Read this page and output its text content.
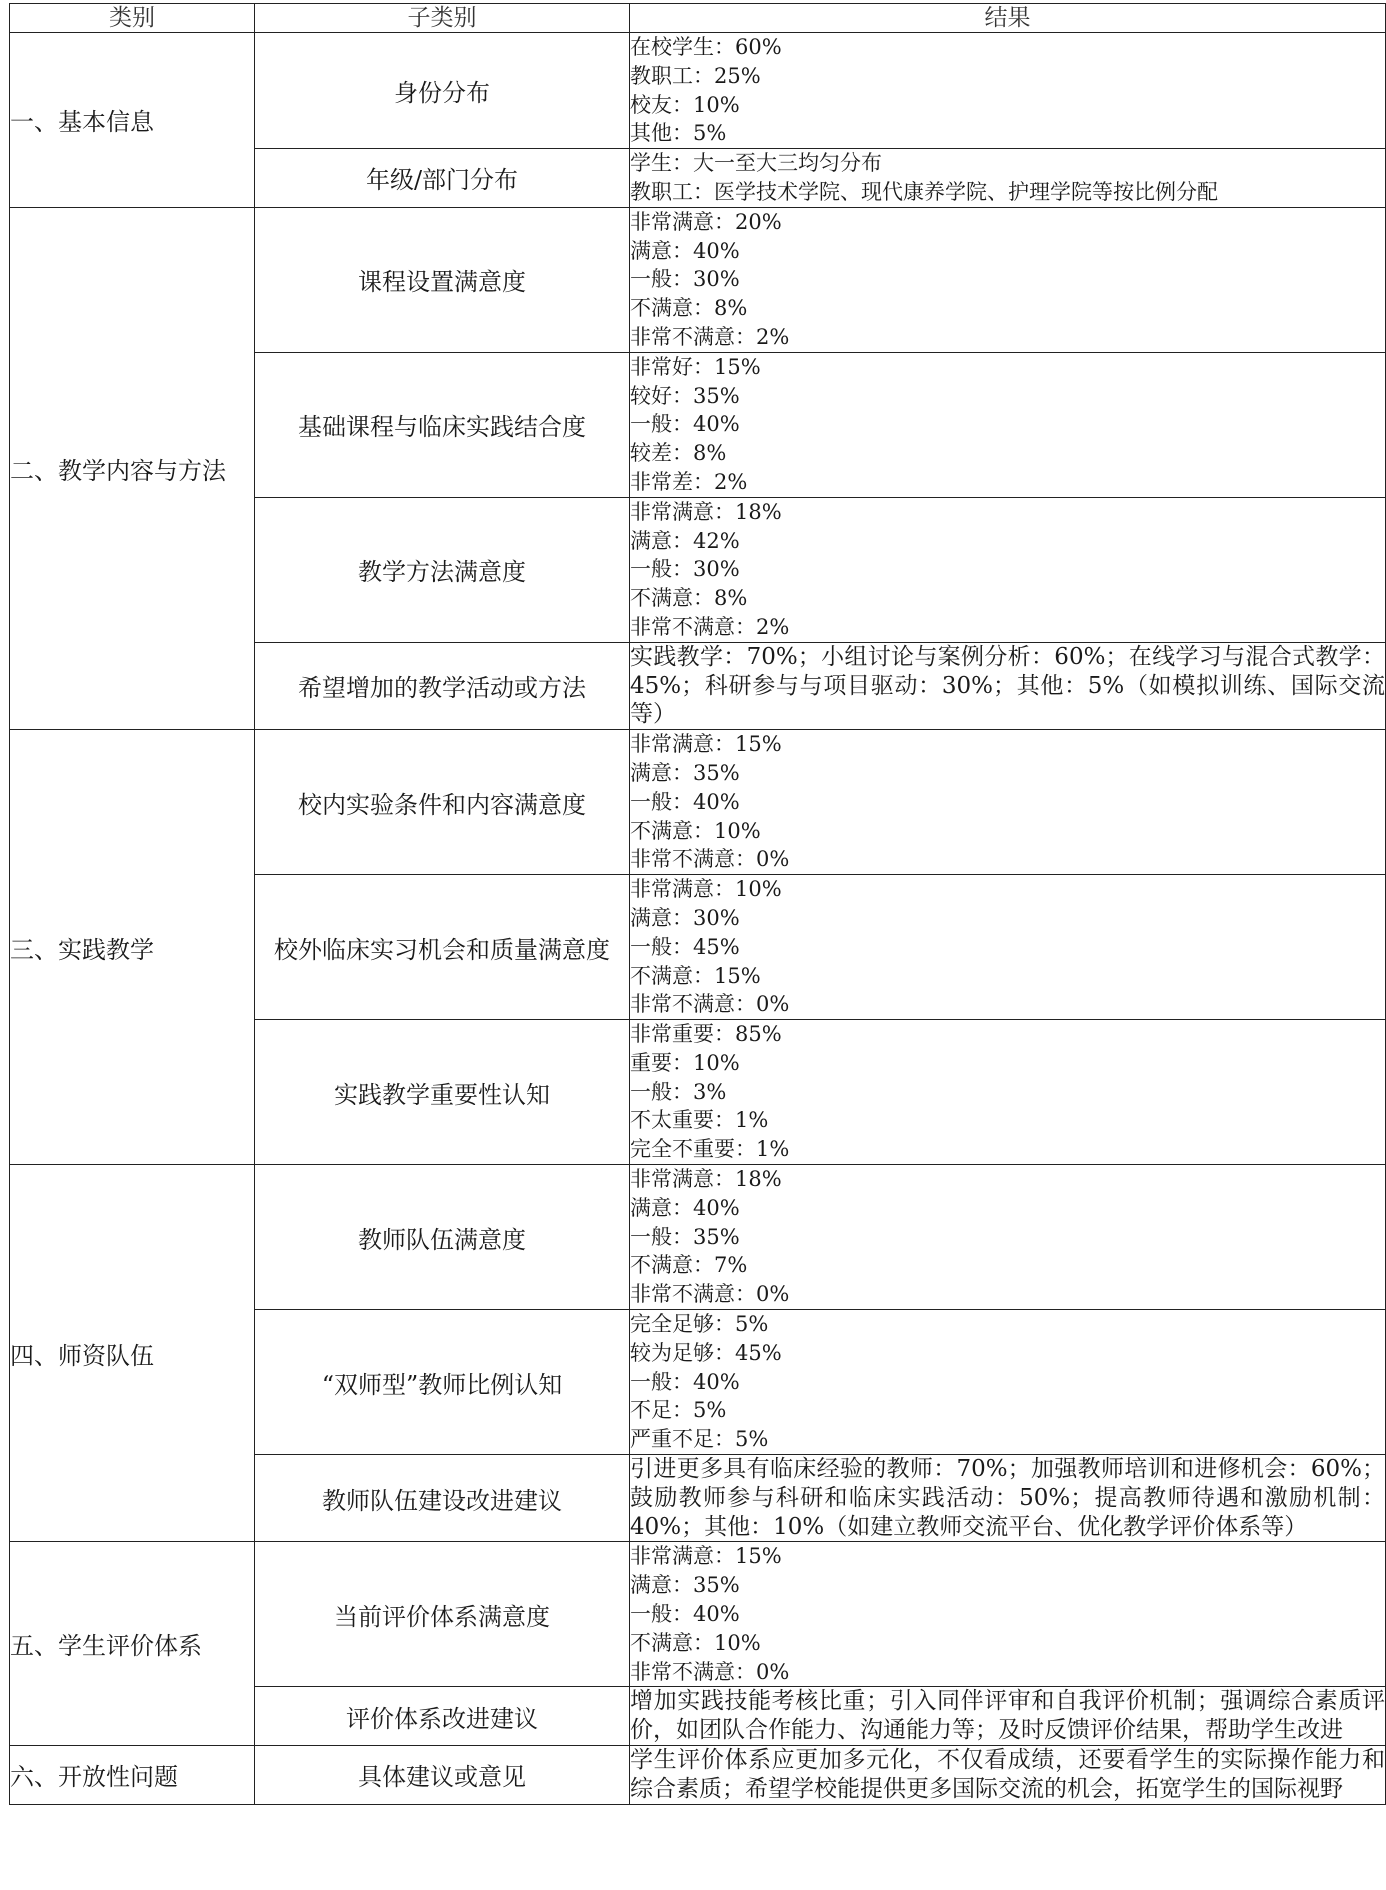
类别	子类别	结果
一、基本信息	身份分布	在校学生：60%
教职工：25%
校友：10%
其他：5%

	年级/部门分布	学生：大一至大三均匀分布
教职工：医学技术学院、现代康养学院、护理学院等按比例分配

二、教学内容与方法	课程设置满意度	非常满意：20%
满意：40%
一般：30%
不满意：8%
非常不满意：2%

	基础课程与临床实践结合度	非常好：15%
较好：35%
一般：40%
较差：8%
非常差：2%

	教学方法满意度	非常满意：18%
满意：42%
一般：30%
不满意：8%
非常不满意：2%

	希望增加的教学活动或方法	实践教学：70%；小组讨论与案例分析：60%；在线学习与混合式教学：45%；科研参与与项目驱动：30%；其他：5%（如模拟训练、国际交流等）

三、实践教学	校内实验条件和内容满意度	非常满意：15%
满意：35%
一般：40%
不满意：10%
非常不满意：0%

	校外临床实习机会和质量满意度	非常满意：10%
满意：30%
一般：45%
不满意：15%
非常不满意：0%

	实践教学重要性认知	非常重要：85%
重要：10%
一般：3%
不太重要：1%
完全不重要：1%

四、师资队伍	教师队伍满意度	非常满意：18%
满意：40%
一般：35%
不满意：7%
非常不满意：0%

	“双师型”教师比例认知	完全足够：5%
较为足够：45%
一般：40%
不足：5%
严重不足：5%

	教师队伍建设改进建议	引进更多具有临床经验的教师：70%；加强教师培训和进修机会：60%；鼓励教师参与科研和临床实践活动：50%；提高教师待遇和激励机制：40%；其他：10%（如建立教师交流平台、优化教学评价体系等）

五、学生评价体系	当前评价体系满意度	非常满意：15%
满意：35%
一般：40%
不满意：10%
非常不满意：0%

	评价体系改进建议	增加实践技能考核比重；引入同伴评审和自我评价机制；强调综合素质评价，如团队合作能力、沟通能力等；及时反馈评价结果，帮助学生改进

六、开放性问题	具体建议或意见	学生评价体系应更加多元化，不仅看成绩，还要看学生的实际操作能力和综合素质；希望学校能提供更多国际交流的机会，拓宽学生的国际视野
